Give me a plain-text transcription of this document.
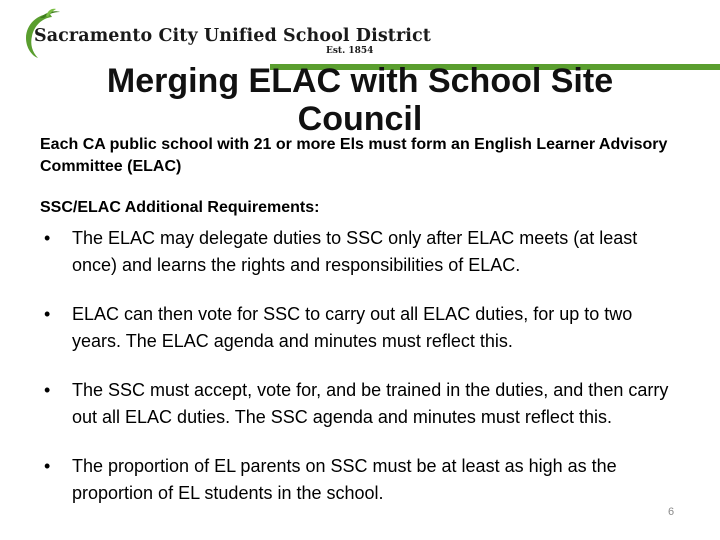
Sacramento City Unified School District
Est. 1854
Merging ELAC with School Site Council
Each CA public school with 21 or more Els must form an English Learner Advisory Committee (ELAC)
SSC/ELAC Additional Requirements:
• The ELAC may delegate duties to SSC only after ELAC meets (at least once) and learns the rights and responsibilities of ELAC.
• ELAC can then vote for SSC to carry out all ELAC duties, for up to two years. The ELAC agenda and minutes must reflect this.
• The SSC must accept, vote for, and be trained in the duties, and then carry out all ELAC duties. The SSC agenda and minutes must reflect this.
• The proportion of EL parents on SSC must be at least as high as the proportion of EL students in the school.
6
